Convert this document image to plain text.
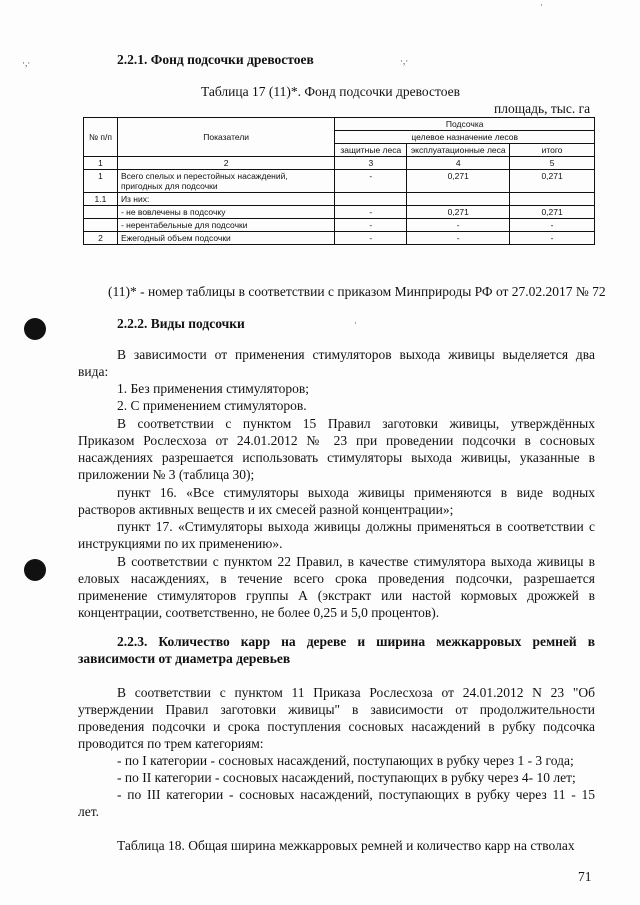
·,·	·,·
·
·
2.2.1. Фонд подсочки древостоев
Таблица 17 (11)*. Фонд подсочки древостоев
площадь, тыс. га
№ п/п	Показатели	Подсочка		
		целевое назначение лесов		
		защитные леса	эксплуатационные леса	итого
1	2	3	4	5
1	Всего спелых и перестойных насаждений, пригодных для подсочки	-	0,271	0,271
1.1	Из них:			
	- не вовлечены в подсочку	-	0,271	0,271
	- нерентабельные для подсочки	-	-	-
2	Ежегодный объем подсочки	-	-	-
(11)* - номер таблицы в соответствии с приказом Минприроды РФ от 27.02.2017 № 72
2.2.2. Виды подсочки
В зависимости от применения стимуляторов выхода живицы выделяется два
вида:
1. Без применения стимуляторов;
2. С применением стимуляторов.
В соответствии с пунктом 15 Правил заготовки живицы, утверждённых
Приказом Рослесхоза от 24.01.2012 № 23 при проведении подсочки в сосновых
насаждениях разрешается использовать стимуляторы выхода живицы, указанные в
приложении № 3 (таблица 30);
пункт 16. «Все стимуляторы выхода живицы применяются в виде водных
растворов активных веществ и их смесей разной концентрации»;
пункт 17. «Стимуляторы выхода живицы должны применяться в соответствии с
инструкциями по их применению».
В соответствии с пунктом 22 Правил, в качестве стимулятора выхода живицы в
еловых насаждениях, в течение всего срока проведения подсочки, разрешается
применение стимуляторов группы А (экстракт или настой кормовых дрожжей в
концентрации, соответственно, не более 0,25 и 5,0 процентов).
2.2.3. Количество карр на дереве и ширина межкарровых ремней в
зависимости от диаметра деревьев
В соответствии с пунктом 11 Приказа Рослесхоза от 24.01.2012 N 23 "Об
утверждении Правил заготовки живицы" в зависимости от продолжительности
проведения подсочки и срока поступления сосновых насаждений в рубку подсочка
проводится по трем категориям:
- по I категории - сосновых насаждений, поступающих в рубку через 1 - 3 года;
- по II категории - сосновых насаждений, поступающих в рубку через 4- 10 лет;
- по III категории - сосновых насаждений, поступающих в рубку через 11 - 15
лет.
Таблица 18. Общая ширина межкарровых ремней и количество карр на стволах
71
